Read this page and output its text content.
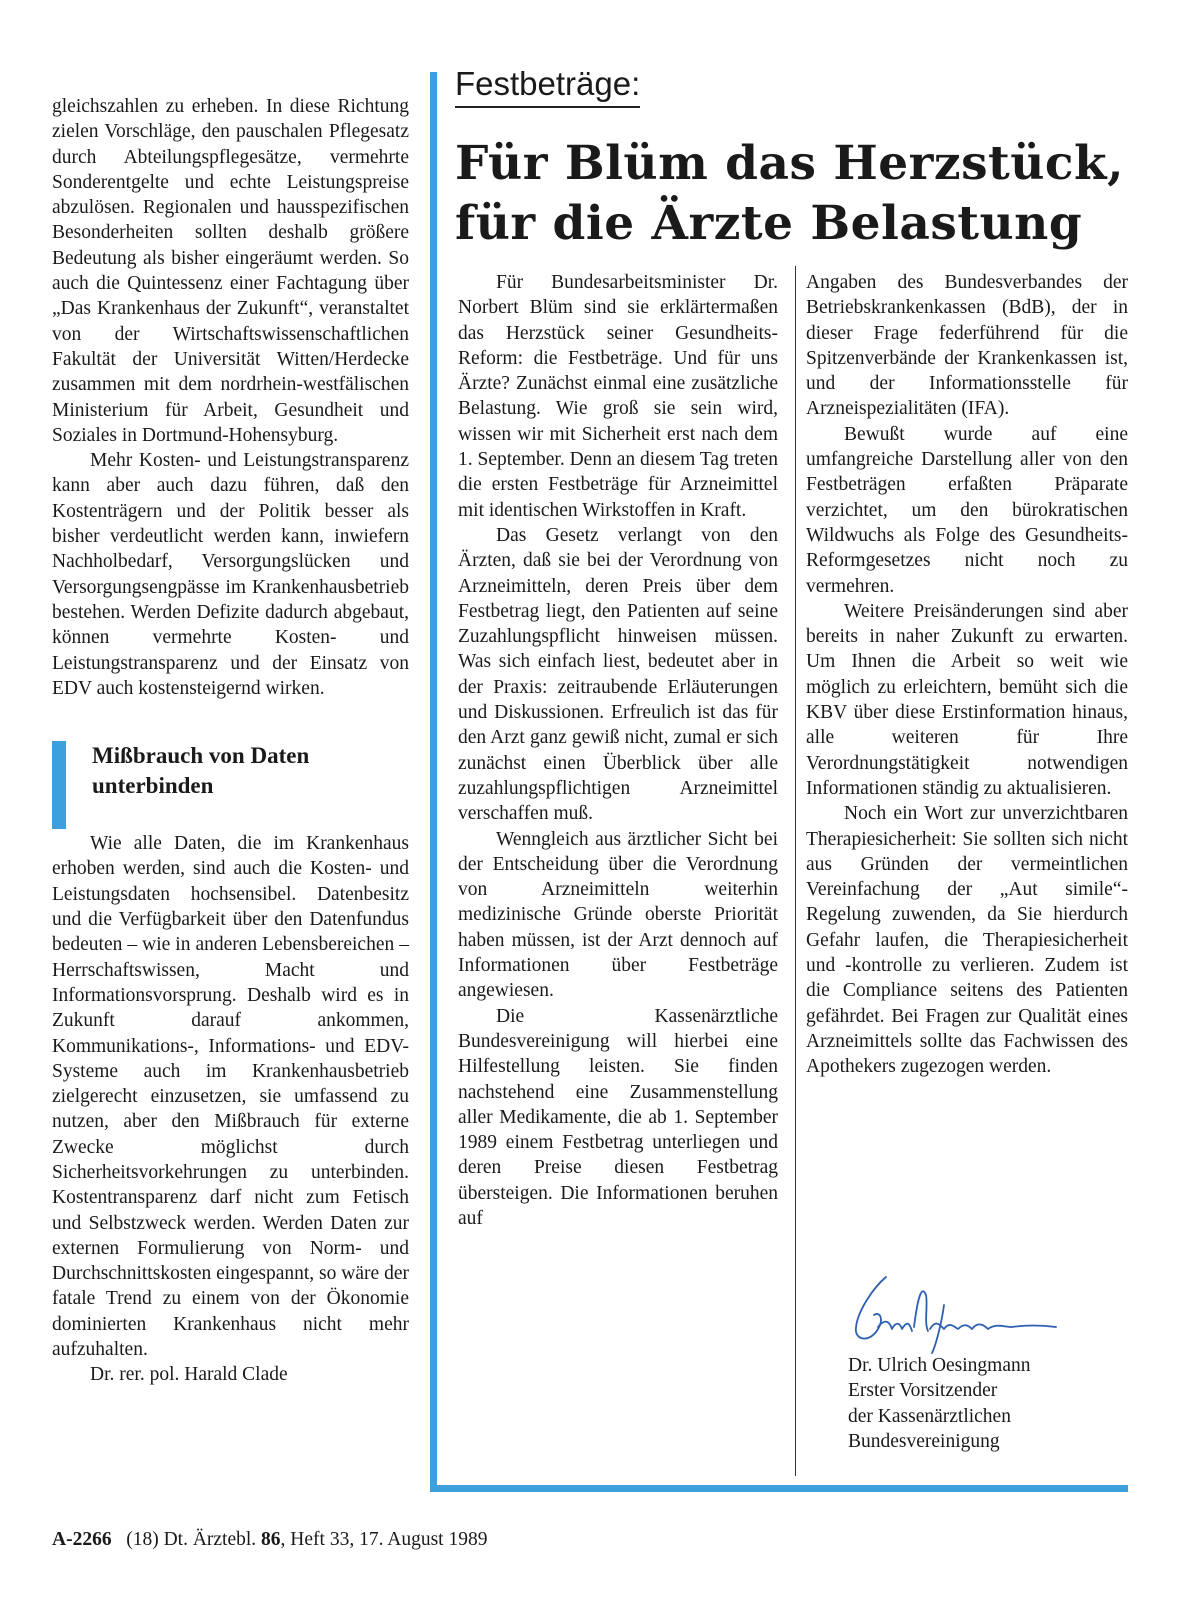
gleichszahlen zu erheben. In diese Richtung zielen Vorschläge, den pauschalen Pflegesatz durch Abteilungspflegesätze, vermehrte Sonderentgelte und echte Leistungspreise abzulösen. Regionalen und hausspezifischen Besonderheiten sollten deshalb größere Bedeutung als bisher eingeräumt werden. So auch die Quintessenz einer Fachtagung über „Das Krankenhaus der Zukunft“, veranstaltet von der Wirtschaftswissenschaftlichen Fakultät der Universität Witten/Herdecke zusammen mit dem nordrhein-westfälischen Ministerium für Arbeit, Gesundheit und Soziales in Dortmund-Hohensyburg.

Mehr Kosten- und Leistungstransparenz kann aber auch dazu führen, daß den Kostenträgern und der Politik besser als bisher verdeutlicht werden kann, inwiefern Nachholbedarf, Versorgungslücken und Versorgungsengpässe im Krankenhausbetrieb bestehen. Werden Defizite dadurch abgebaut, können vermehrte Kosten- und Leistungstransparenz und der Einsatz von EDV auch kostensteigernd wirken.

Mißbrauch von Daten unterbinden

Wie alle Daten, die im Krankenhaus erhoben werden, sind auch die Kosten- und Leistungsdaten hochsensibel. Datenbesitz und die Verfügbarkeit über den Datenfundus bedeuten – wie in anderen Lebensbereichen – Herrschaftswissen, Macht und Informationsvorsprung. Deshalb wird es in Zukunft darauf ankommen, Kommunikations-, Informations- und EDV-Systeme auch im Krankenhausbetrieb zielgerecht einzusetzen, sie umfassend zu nutzen, aber den Mißbrauch für externe Zwecke möglichst durch Sicherheitsvorkehrungen zu unterbinden. Kostentransparenz darf nicht zum Fetisch und Selbstzweck werden. Werden Daten zur externen Formulierung von Norm- und Durchschnittskosten eingespannt, so wäre der fatale Trend zu einem von der Ökonomie dominierten Krankenhaus nicht mehr aufzuhalten.

Dr. rer. pol. Harald Clade

Festbeträge:
Für Blüm das Herzstück, für die Ärzte Belastung

Für Bundesarbeitsminister Dr. Norbert Blüm sind sie erklärtermaßen das Herzstück seiner Gesundheits-Reform: die Festbeträge. Und für uns Ärzte? Zunächst einmal eine zusätzliche Belastung. Wie groß sie sein wird, wissen wir mit Sicherheit erst nach dem 1. September. Denn an diesem Tag treten die ersten Festbeträge für Arzneimittel mit identischen Wirkstoffen in Kraft.

Das Gesetz verlangt von den Ärzten, daß sie bei der Verordnung von Arzneimitteln, deren Preis über dem Festbetrag liegt, den Patienten auf seine Zuzahlungspflicht hinweisen müssen. Was sich einfach liest, bedeutet aber in der Praxis: zeitraubende Erläuterungen und Diskussionen. Erfreulich ist das für den Arzt ganz gewiß nicht, zumal er sich zunächst einen Überblick über alle zuzahlungspflichtigen Arzneimittel verschaffen muß.

Wenngleich aus ärztlicher Sicht bei der Entscheidung über die Verordnung von Arzneimitteln weiterhin medizinische Gründe oberste Priorität haben müssen, ist der Arzt dennoch auf Informationen über Festbeträge angewiesen.

Die Kassenärztliche Bundesvereinigung will hierbei eine Hilfestellung leisten. Sie finden nachstehend eine Zusammenstellung aller Medikamente, die ab 1. September 1989 einem Festbetrag unterliegen und deren Preise diesen Festbetrag übersteigen. Die Informationen beruhen auf

Angaben des Bundesverbandes der Betriebskrankenkassen (BdB), der in dieser Frage federführend für die Spitzenverbände der Krankenkassen ist, und der Informationsstelle für Arzneispezialitäten (IFA).

Bewußt wurde auf eine umfangreiche Darstellung aller von den Festbeträgen erfaßten Präparate verzichtet, um den bürokratischen Wildwuchs als Folge des Gesundheits-Reformgesetzes nicht noch zu vermehren.

Weitere Preisänderungen sind aber bereits in naher Zukunft zu erwarten. Um Ihnen die Arbeit so weit wie möglich zu erleichtern, bemüht sich die KBV über diese Erstinformation hinaus, alle weiteren für Ihre Verordnungstätigkeit notwendigen Informationen ständig zu aktualisieren.

Noch ein Wort zur unverzichtbaren Therapiesicherheit: Sie sollten sich nicht aus Gründen der vermeintlichen Vereinfachung der „Aut simile“-Regelung zuwenden, da Sie hierdurch Gefahr laufen, die Therapiesicherheit und -kontrolle zu verlieren. Zudem ist die Compliance seitens des Patienten gefährdet. Bei Fragen zur Qualität eines Arzneimittels sollte das Fachwissen des Apothekers zugezogen werden.

Dr. Ulrich Oesingmann
Erster Vorsitzender
der Kassenärztlichen
Bundesvereinigung
A-2266 (18) Dt. Ärztebl. 86, Heft 33, 17. August 1989
